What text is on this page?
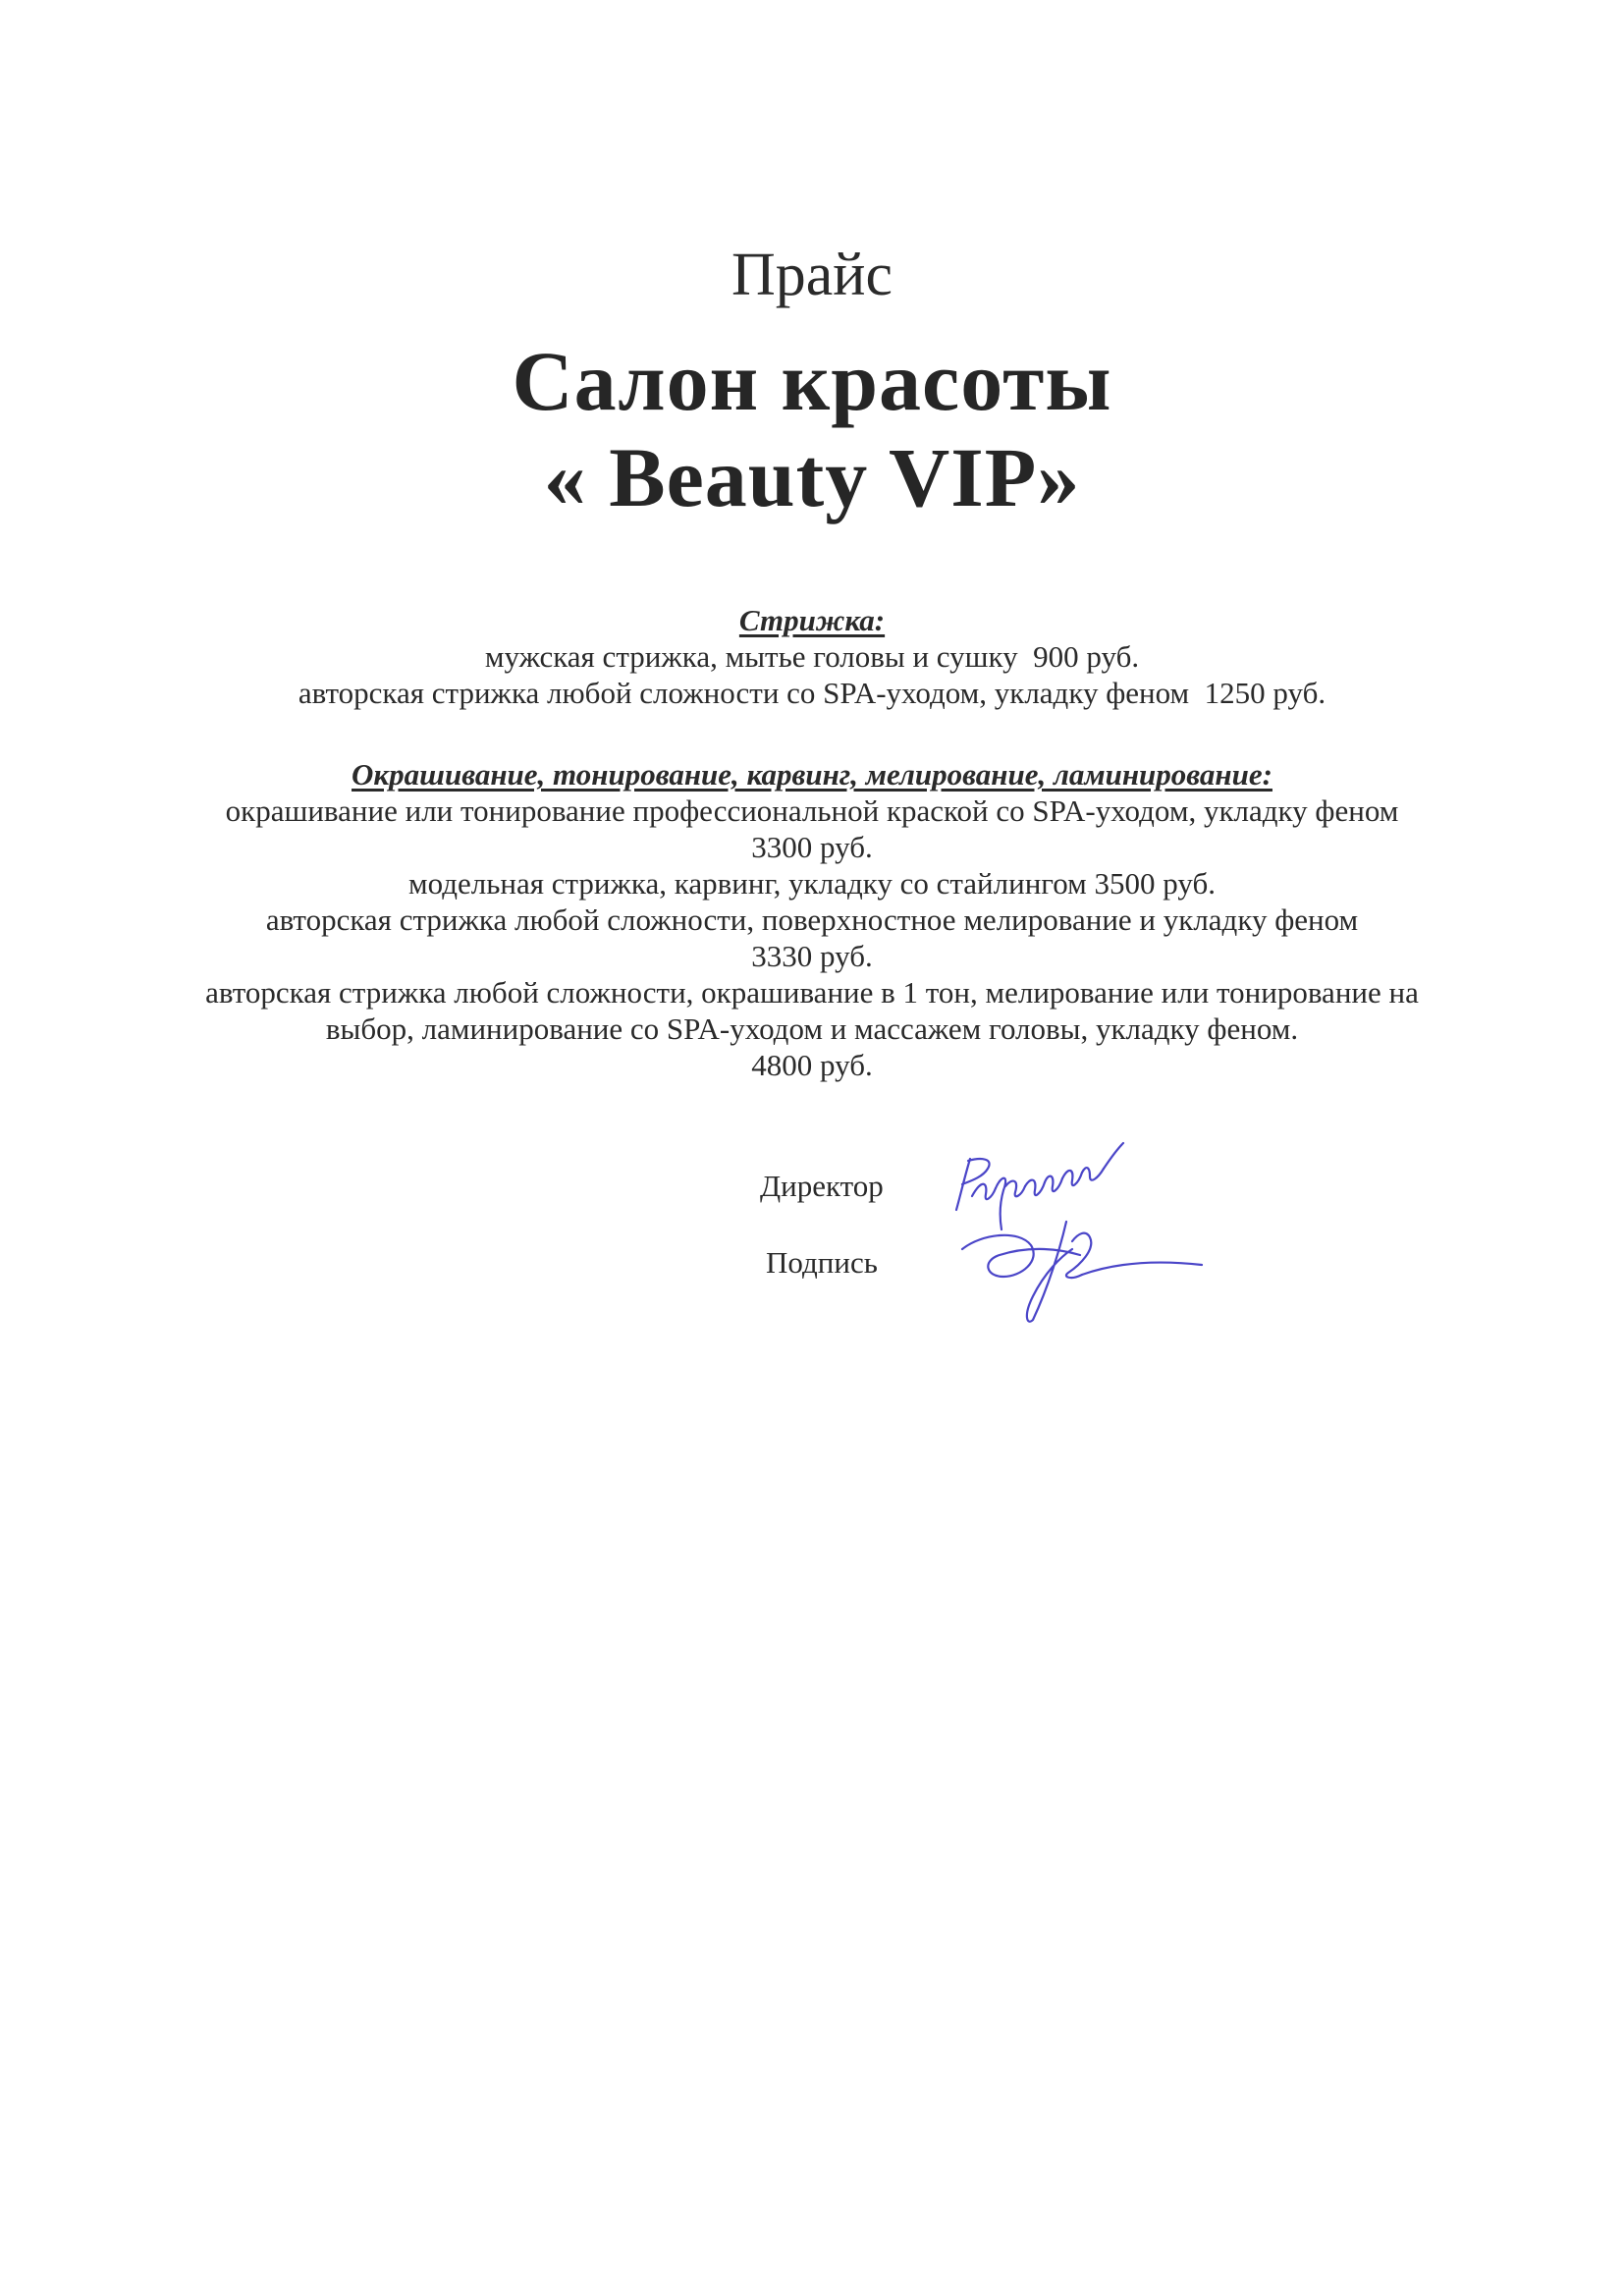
Прайс
Салон красоты
« Beauty VIP»
Стрижка:
мужская стрижка, мытье головы и сушку  900 руб.
авторская стрижка любой сложности со SPA-уходом, укладку феном  1250 руб.
Окрашивание, тонирование, карвинг, мелирование, ламинирование:
окрашивание или тонирование профессиональной краской со SPA-уходом, укладку феном
3300 руб.
модельная стрижка, карвинг, укладку со стайлингом 3500 руб.
авторская стрижка любой сложности, поверхностное мелирование и укладку феном
3330 руб.
авторская стрижка любой сложности, окрашивание в 1 тон, мелирование или тонирование на
выбор, ламинирование со SPA-уходом и массажем головы, укладку феном.
4800 руб.
Директор
Подпись
